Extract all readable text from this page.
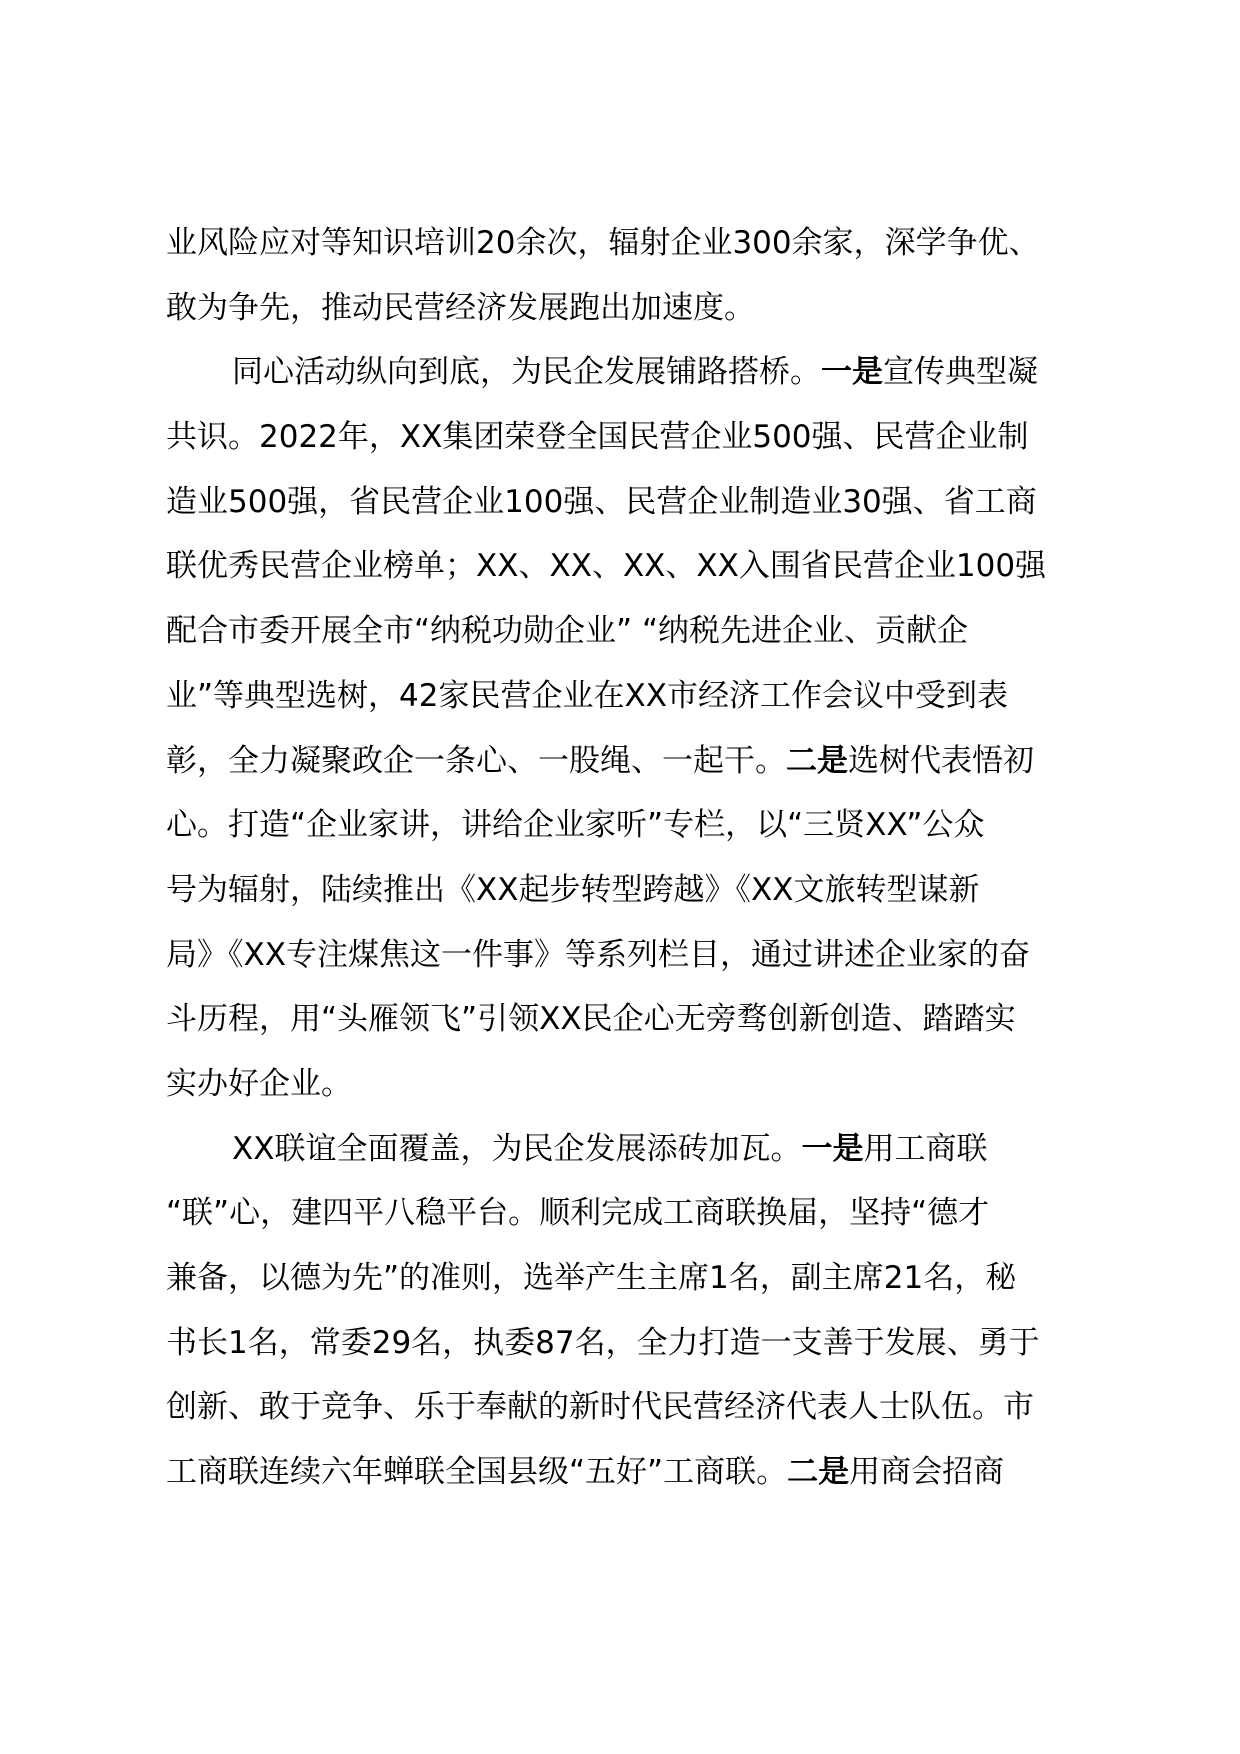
业风险应对等知识培训20余次，辐射企业300余家，深学争优、
敢为争先，推动民营经济发展跑出加速度。
同心活动纵向到底，为民企发展铺路搭桥。一是宣传典型凝
共识。2022年，XX集团荣登全国民营企业500强、民营企业制
造业500强，省民营企业100强、民营企业制造业30强、省工商
联优秀民营企业榜单；XX、XX、XX、XX入围省民营企业100强
配合市委开展全市“纳税功勋企业” “纳税先进企业、贡献企
业”等典型选树，42家民营企业在XX市经济工作会议中受到表
彰，全力凝聚政企一条心、一股绳、一起干。二是选树代表悟初
心。打造“企业家讲，讲给企业家听”专栏，以“三贤XX”公众
号为辐射，陆续推出《XX起步转型跨越》《XX文旅转型谋新
局》《XX专注煤焦这一件事》等系列栏目，通过讲述企业家的奋
斗历程，用“头雁领飞”引领XX民企心无旁骛创新创造、踏踏实
实办好企业。
XX联谊全面覆盖，为民企发展添砖加瓦。一是用工商联
“联”心，建四平八稳平台。顺利完成工商联换届，坚持“德才
兼备，以德为先”的准则，选举产生主席1名，副主席21名，秘
书长1名，常委29名，执委87名，全力打造一支善于发展、勇于
创新、敢于竞争、乐于奉献的新时代民营经济代表人士队伍。市
工商联连续六年蝉联全国县级“五好”工商联。二是用商会招商
